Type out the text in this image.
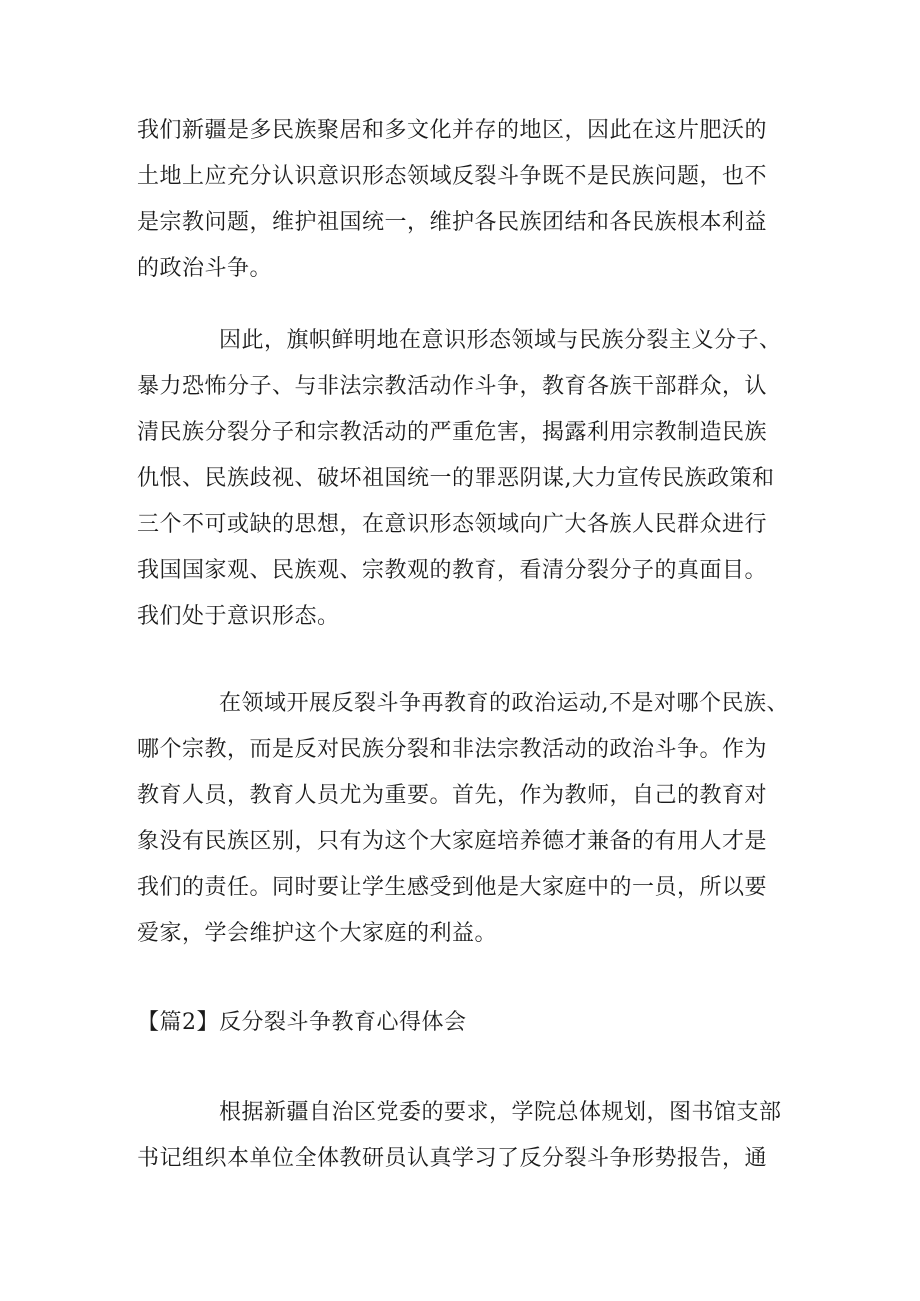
我们新疆是多民族聚居和多文化并存的地区，因此在这片肥沃的
土地上应充分认识意识形态领域反裂斗争既不是民族问题，也不
是宗教问题，维护祖国统一，维护各民族团结和各民族根本利益
的政治斗争。
因此，旗帜鲜明地在意识形态领域与民族分裂主义分子、
暴力恐怖分子、与非法宗教活动作斗争，教育各族干部群众，认
清民族分裂分子和宗教活动的严重危害，揭露利用宗教制造民族
仇恨、民族歧视、破坏祖国统一的罪恶阴谋,大力宣传民族政策和
三个不可或缺的思想，在意识形态领域向广大各族人民群众进行
我国国家观、民族观、宗教观的教育，看清分裂分子的真面目。
我们处于意识形态。
在领域开展反裂斗争再教育的政治运动,不是对哪个民族、
哪个宗教，而是反对民族分裂和非法宗教活动的政治斗争。作为
教育人员，教育人员尤为重要。首先，作为教师，自己的教育对
象没有民族区别，只有为这个大家庭培养德才兼备的有用人才是
我们的责任。同时要让学生感受到他是大家庭中的一员，所以要
爱家，学会维护这个大家庭的利益。
【篇2】反分裂斗争教育心得体会
根据新疆自治区党委的要求，学院总体规划，图书馆支部
书记组织本单位全体教研员认真学习了反分裂斗争形势报告，通
